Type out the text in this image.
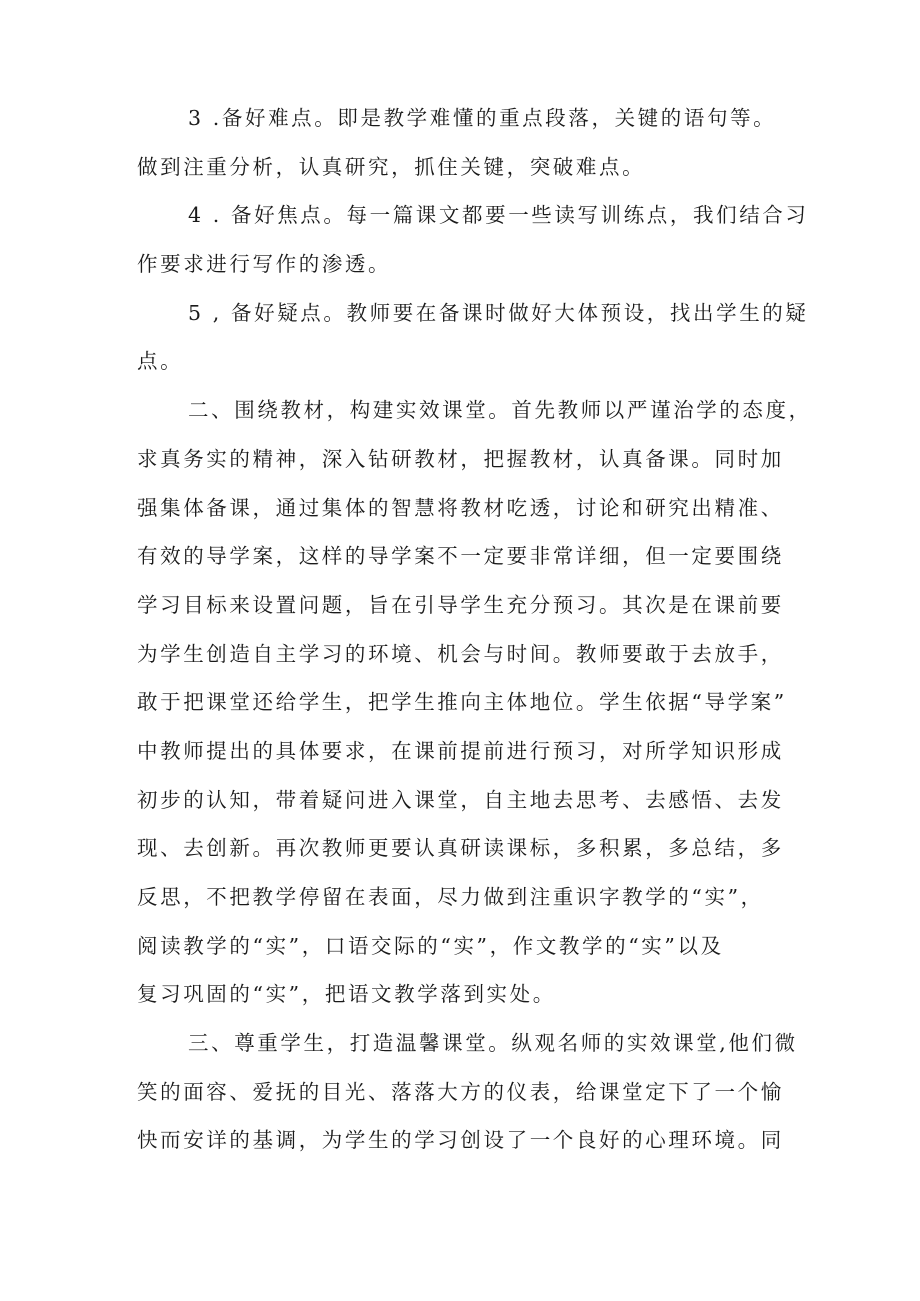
3 .备好难点。即是教学难懂的重点段落，关键的语句等。
做到注重分析，认真研究，抓住关键，突破难点。
4 . 备好焦点。每一篇课文都要一些读写训练点，我们结合习
作要求进行写作的渗透。
5 , 备好疑点。教师要在备课时做好大体预设，找出学生的疑
点。
二、围绕教材，构建实效课堂。首先教师以严谨治学的态度，
求真务实的精神，深入钻研教材，把握教材，认真备课。同时加
强集体备课，通过集体的智慧将教材吃透，讨论和研究出精准、
有效的导学案，这样的导学案不一定要非常详细，但一定要围绕
学习目标来设置问题，旨在引导学生充分预习。其次是在课前要
为学生创造自主学习的环境、机会与时间。教师要敢于去放手，
敢于把课堂还给学生，把学生推向主体地位。学生依据“导学案”
中教师提出的具体要求，在课前提前进行预习，对所学知识形成
初步的认知，带着疑问进入课堂，自主地去思考、去感悟、去发
现、去创新。再次教师更要认真研读课标，多积累，多总结，多
反思，不把教学停留在表面，尽力做到注重识字教学的“实”，
阅读教学的“实”，口语交际的“实”，作文教学的“实”以及
复习巩固的“实”，把语文教学落到实处。
三、尊重学生，打造温馨课堂。纵观名师的实效课堂,他们微
笑的面容、爱抚的目光、落落大方的仪表，给课堂定下了一个愉
快而安详的基调，为学生的学习创设了一个良好的心理环境。同
